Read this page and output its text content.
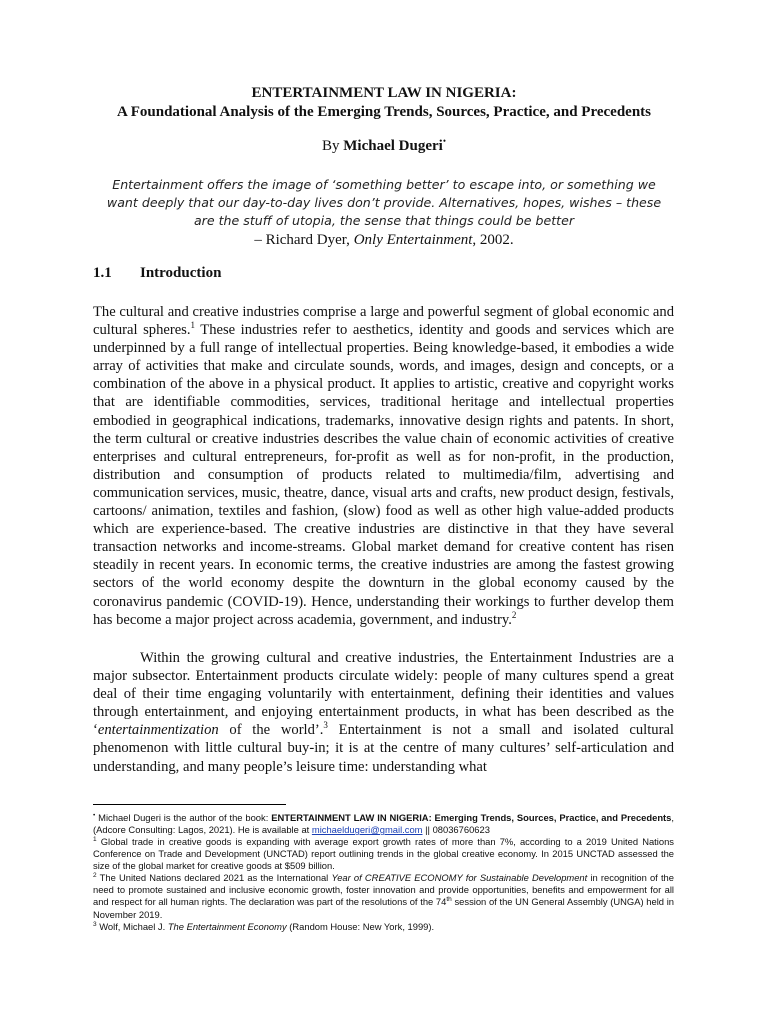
ENTERTAINMENT LAW IN NIGERIA:
A Foundational Analysis of the Emerging Trends, Sources, Practice, and Precedents
By Michael Dugeri•
Entertainment offers the image of ‘something better’ to escape into, or something we want deeply that our day-to-day lives don’t provide. Alternatives, hopes, wishes – these are the stuff of utopia, the sense that things could be better
– Richard Dyer, Only Entertainment, 2002.
1.1 Introduction
The cultural and creative industries comprise a large and powerful segment of global economic and cultural spheres.$^1$ These industries refer to aesthetics, identity and goods and services which are underpinned by a full range of intellectual properties. Being knowledge-based, it embodies a wide array of activities that make and circulate sounds, words, and images, design and concepts, or a combination of the above in a physical product. It applies to artistic, creative and copyright works that are identifiable commodities, services, traditional heritage and intellectual properties embodied in geographical indications, trademarks, innovative design rights and patents. In short, the term cultural or creative industries describes the value chain of economic activities of creative enterprises and cultural entrepreneurs, for-profit as well as for non-profit, in the production, distribution and consumption of products related to multimedia/film, advertising and communication services, music, theatre, dance, visual arts and crafts, new product design, festivals, cartoons/ animation, textiles and fashion, (slow) food as well as other high value-added products which are experience-based. The creative industries are distinctive in that they have several transaction networks and income-streams. Global market demand for creative content has risen steadily in recent years. In economic terms, the creative industries are among the fastest growing sectors of the world economy despite the downturn in the global economy caused by the coronavirus pandemic (COVID-19). Hence, understanding their workings to further develop them has become a major project across academia, government, and industry.$^2$
Within the growing cultural and creative industries, the Entertainment Industries are a major subsector. Entertainment products circulate widely: people of many cultures spend a great deal of their time engaging voluntarily with entertainment, defining their identities and values through entertainment, and enjoying entertainment products, in what has been described as the ‘entertainmentization of the world’.$^3$ Entertainment is not a small and isolated cultural phenomenon with little cultural buy-in; it is at the centre of many cultures’ self-articulation and understanding, and many people’s leisure time: understanding what
• Michael Dugeri is the author of the book: ENTERTAINMENT LAW IN NIGERIA: Emerging Trends, Sources, Practice, and Precedents, (Adcore Consulting: Lagos, 2021). He is available at michaeldugeri@gmail.com || 08036760623
$^1$ Global trade in creative goods is expanding with average export growth rates of more than 7%, according to a 2019 United Nations Conference on Trade and Development (UNCTAD) report outlining trends in the global creative economy. In 2015 UNCTAD assessed the size of the global market for creative goods at $509 billion.
$^2$ The United Nations declared 2021 as the International Year of CREATIVE ECONOMY for Sustainable Development in recognition of the need to promote sustained and inclusive economic growth, foster innovation and provide opportunities, benefits and empowerment for all and respect for all human rights. The declaration was part of the resolutions of the 74th session of the UN General Assembly (UNGA) held in November 2019.
$^3$ Wolf, Michael J. The Entertainment Economy (Random House: New York, 1999).
